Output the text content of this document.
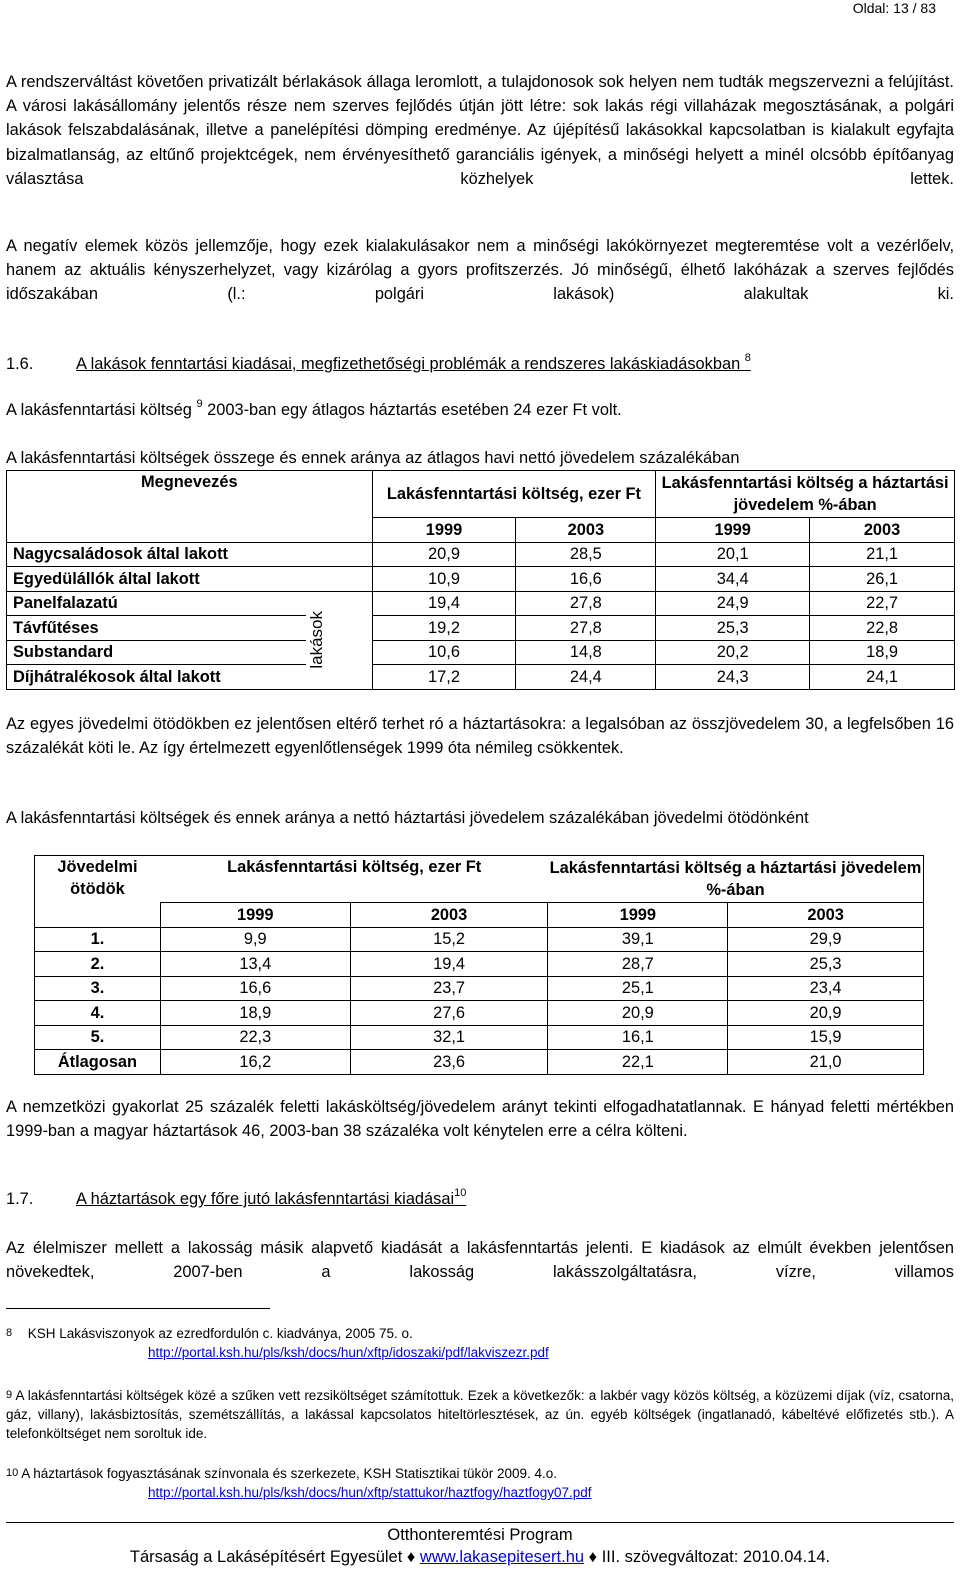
Oldal: 13 / 83
A rendszerváltást követően privatizált bérlakások állaga leromlott, a tulajdonosok sok helyen nem tudták megszervezni a felújítást. A városi lakásállomány jelentős része nem szerves fejlődés útján jött létre: sok lakás régi villaházak megosztásának, a polgári lakások felszabdalásának, illetve a panelépítési dömping eredménye. Az újépítésű lakásokkal kapcsolatban is kialakult egyfajta bizalmatlanság, az eltűnő projektcégek, nem érvényesíthető garanciális igények, a minőségi helyett a minél olcsóbb építőanyag választása közhelyek lettek.
A negatív elemek közös jellemzője, hogy ezek kialakulásakor nem a minőségi lakókörnyezet megteremtése volt a vezérlőelv, hanem az aktuális kényszerhelyzet, vagy kizárólag a gyors profitszerzés. Jó minőségű, élhető lakóházak a szerves fejlődés időszakában (l.: polgári lakások) alakultak ki.
1.6.	A lakások fenntartási kiadásai, megfizethetőségi problémák a rendszeres lakáskiadásokban $^8$
A lakásfenntartási költség $^9$ 2003-ban egy átlagos háztartás esetében 24 ezer Ft volt.
A lakásfenntartási költségek összege és ennek aránya az átlagos havi nettó jövedelem százalékában
Megnevezés		Lakásfenntartási költség, ezer Ft		Lakásfenntartási költség a háztartási jövedelem %-ában	
		1999	2003	1999	2003
Nagycsaládosok által lakott		20,9	28,5	20,1	21,1
Egyedülállók által lakott		10,9	16,6	34,4	26,1
Panelfalazatú	lakások	19,4	27,8	24,9	22,7
Távfűtéses		19,2	27,8	25,3	22,8
Substandard		10,6	14,8	20,2	18,9
Díjhátralékosok által lakott		17,2	24,4	24,3	24,1
Az egyes jövedelmi ötödökben ez jelentősen eltérő terhet ró a háztartásokra: a legalsóban az összjövedelem 30, a legfelsőben 16 százalékát köti le. Az így értelmezett egyenlőtlenségek 1999 óta némileg csökkentek.
A lakásfenntartási költségek és ennek aránya a nettó háztartási jövedelem százalékában jövedelmi ötödönként
Jövedelmi ötödök	Lakásfenntartási költség, ezer Ft		Lakásfenntartási költség a háztartási jövedelem %-ában	
	1999	2003	1999	2003
1.	9,9	15,2	39,1	29,9
2.	13,4	19,4	28,7	25,3
3.	16,6	23,7	25,1	23,4
4.	18,9	27,6	20,9	20,9
5.	22,3	32,1	16,1	15,9
Átlagosan	16,2	23,6	22,1	21,0
A nemzetközi gyakorlat 25 százalék feletti lakásköltség/jövedelem arányt tekinti elfogadhatatlannak. E hányad feletti mértékben 1999-ban a magyar háztartások 46, 2003-ban 38 százaléka volt kénytelen erre a célra költeni.
1.7.	A háztartások egy főre jutó lakásfenntartási kiadásai$^{10}$
Az élelmiszer mellett a lakosság másik alapvető kiadását a lakásfenntartás jelenti. E kiadások az elmúlt években jelentősen növekedtek, 2007-ben a lakosság lakásszolgáltatásra, vízre, villamos
8 KSH Lakásviszonyok az ezredfordulón c. kiadványa, 2005 75. o.
http://portal.ksh.hu/pls/ksh/docs/hun/xftp/idoszaki/pdf/lakviszezr.pdf
$^9$ A lakásfenntartási költségek közé a szűken vett rezsiköltséget számítottuk. Ezek a következők: a lakbér vagy közös költség, a közüzemi díjak (víz, csatorna, gáz, villany), lakásbiztosítás, szemétszállítás, a lakással kapcsolatos hiteltörlesztések, az ún. egyéb költségek (ingatlanadó, kábeltévé előfizetés stb.). A telefonköltséget nem soroltuk ide.
$^{10}$ A háztartások fogyasztásának színvonala és szerkezete, KSH Statisztikai tükör 2009. 4.o.
http://portal.ksh.hu/pls/ksh/docs/hun/xftp/stattukor/haztfogy/haztfogy07.pdf
Otthonteremtési Program
Társaság a Lakásépítésért Egyesület ♦ www.lakasepitesert.hu ♦ III. szövegváltozat: 2010.04.14.
